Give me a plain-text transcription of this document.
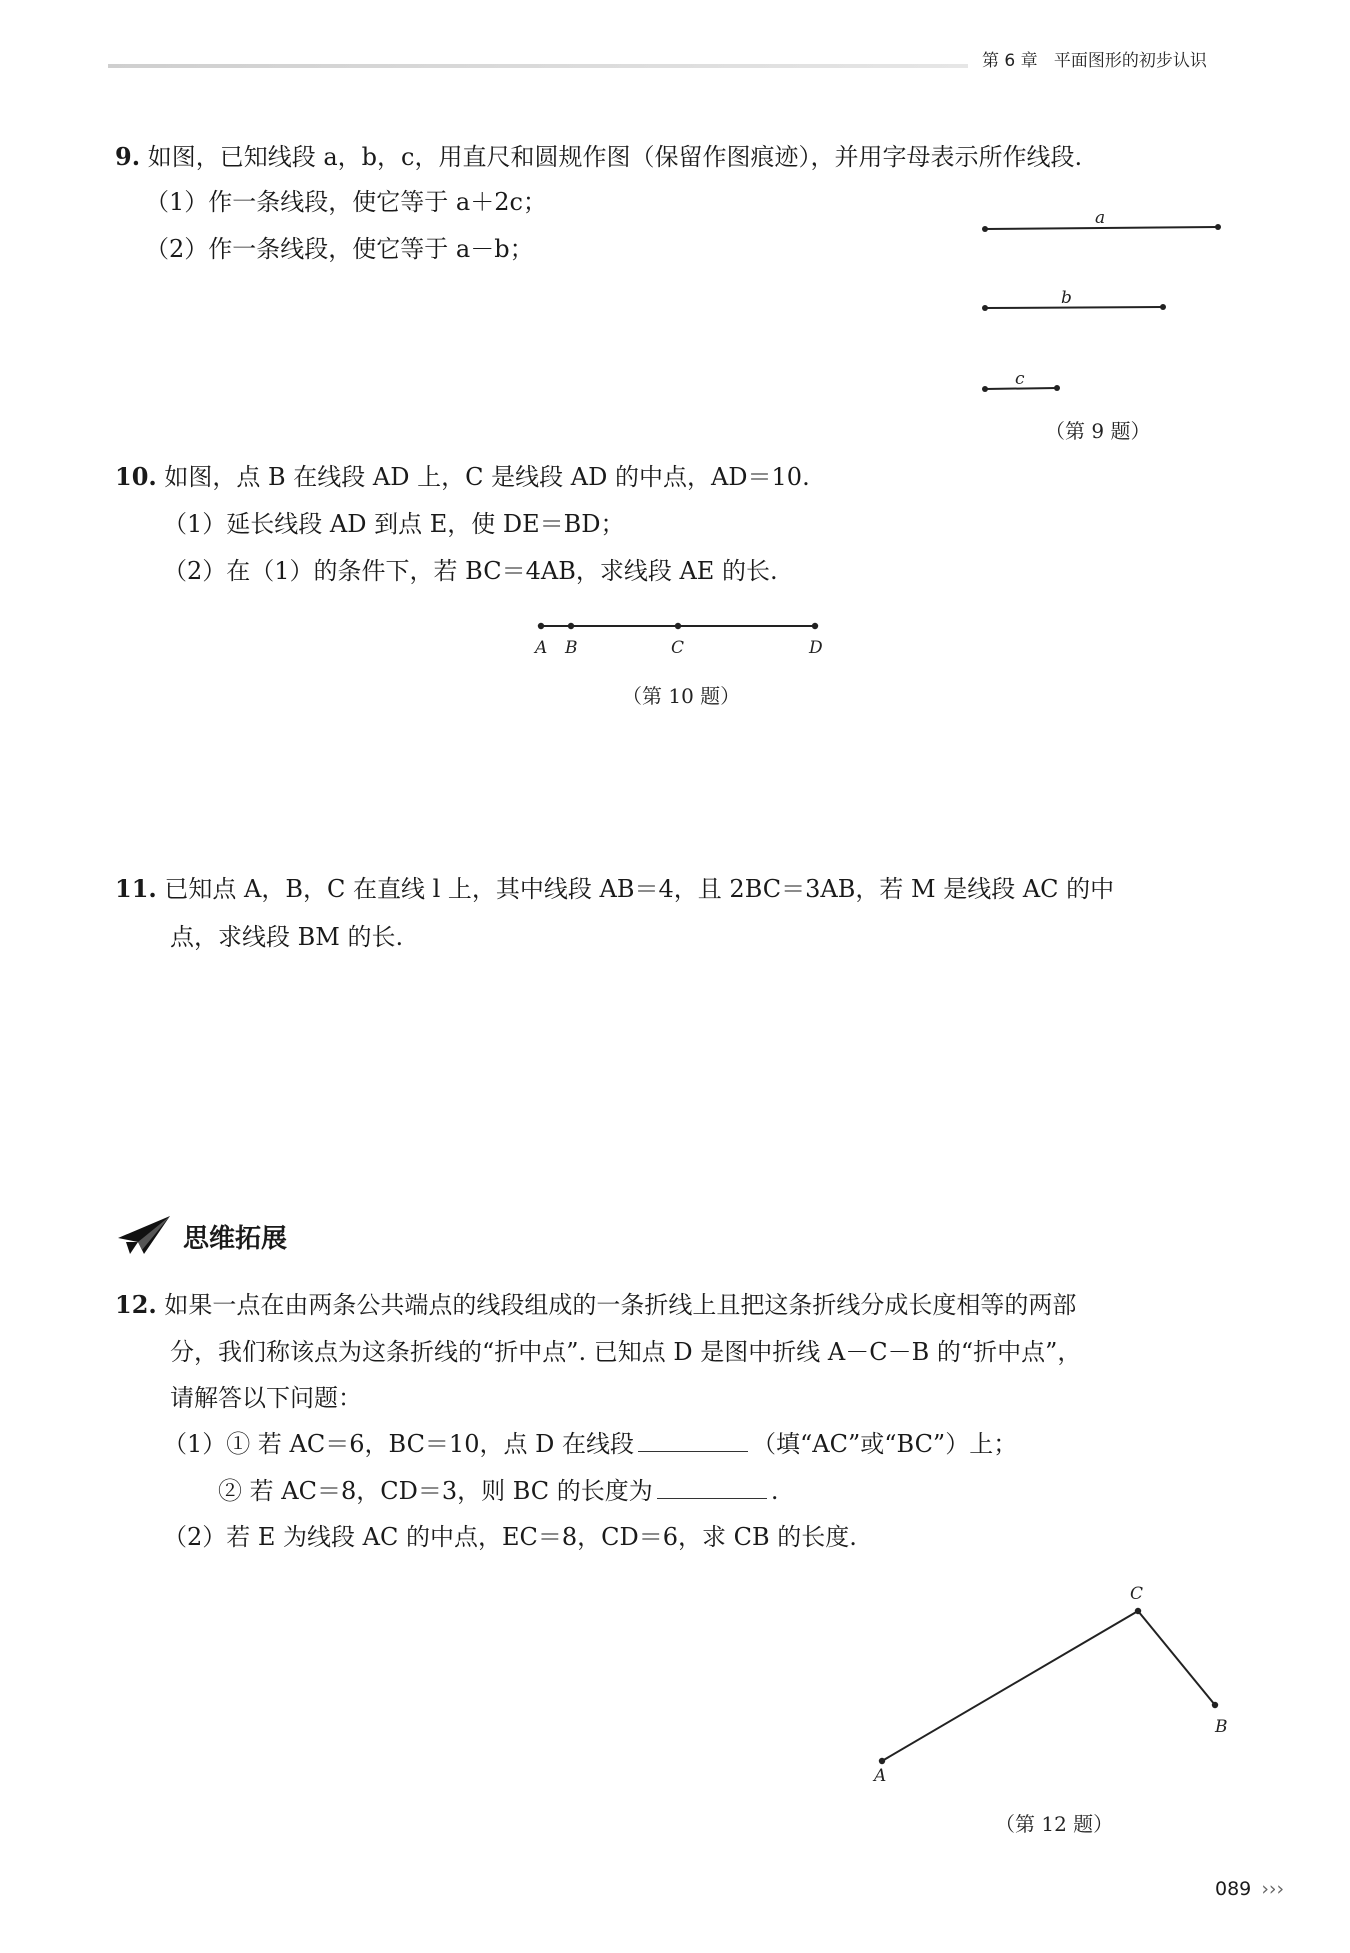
第 6 章 平面图形的初步认识
9. 如图，已知线段 a，b，c，用直尺和圆规作图（保留作图痕迹），并用字母表示所作线段.
（1）作一条线段，使它等于 a＋2c；
（2）作一条线段，使它等于 a－b；
a
b
c
（第 9 题）
10. 如图，点 B 在线段 AD 上，C 是线段 AD 的中点，AD＝10.
（1）延长线段 AD 到点 E，使 DE＝BD；
（2）在（1）的条件下，若 BC＝4AB，求线段 AE 的长.
A B	C	D
（第 10 题）
11. 已知点 A，B，C 在直线 l 上，其中线段 AB＝4，且 2BC＝3AB，若 M 是线段 AC 的中
点，求线段 BM 的长.
思维拓展
12. 如果一点在由两条公共端点的线段组成的一条折线上且把这条折线分成长度相等的两部
分，我们称该点为这条折线的“折中点”. 已知点 D 是图中折线 A－C－B 的“折中点”，
请解答以下问题：
（1）① 若 AC＝6，BC＝10，点 D 在线段	（填“AC”或“BC”）上；
② 若 AC＝8，CD＝3，则 BC 的长度为	.
（2）若 E 为线段 AC 的中点，EC＝8，CD＝6，求 CB 的长度.
C
B
A
（第 12 题）
089 ›››
